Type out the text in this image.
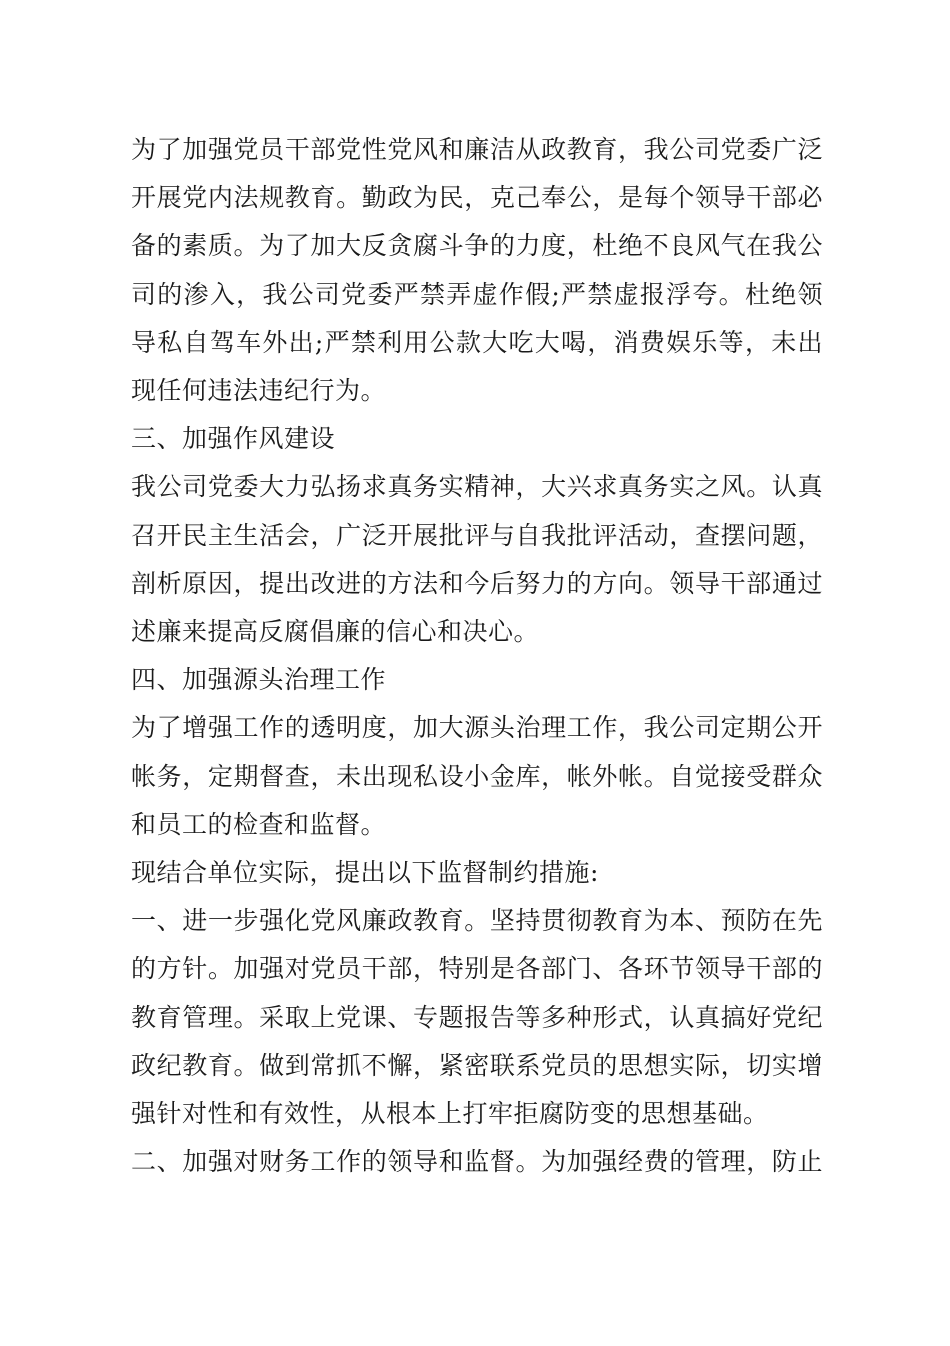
为了加强党员干部党性党风和廉洁从政教育，我公司党委广泛
开展党内法规教育。勤政为民，克己奉公，是每个领导干部必
备的素质。为了加大反贪腐斗争的力度，杜绝不良风气在我公
司的渗入，我公司党委严禁弄虚作假;严禁虚报浮夸。杜绝领
导私自驾车外出;严禁利用公款大吃大喝，消费娱乐等，未出
现任何违法违纪行为。
三、加强作风建设
我公司党委大力弘扬求真务实精神，大兴求真务实之风。认真
召开民主生活会，广泛开展批评与自我批评活动，查摆问题，
剖析原因，提出改进的方法和今后努力的方向。领导干部通过
述廉来提高反腐倡廉的信心和决心。
四、加强源头治理工作
为了增强工作的透明度，加大源头治理工作，我公司定期公开
帐务，定期督查，未出现私设小金库，帐外帐。自觉接受群众
和员工的检查和监督。
现结合单位实际，提出以下监督制约措施:
一、进一步强化党风廉政教育。坚持贯彻教育为本、预防在先
的方针。加强对党员干部，特别是各部门、各环节领导干部的
教育管理。采取上党课、专题报告等多种形式，认真搞好党纪
政纪教育。做到常抓不懈，紧密联系党员的思想实际，切实增
强针对性和有效性，从根本上打牢拒腐防变的思想基础。
二、加强对财务工作的领导和监督。为加强经费的管理，防止
